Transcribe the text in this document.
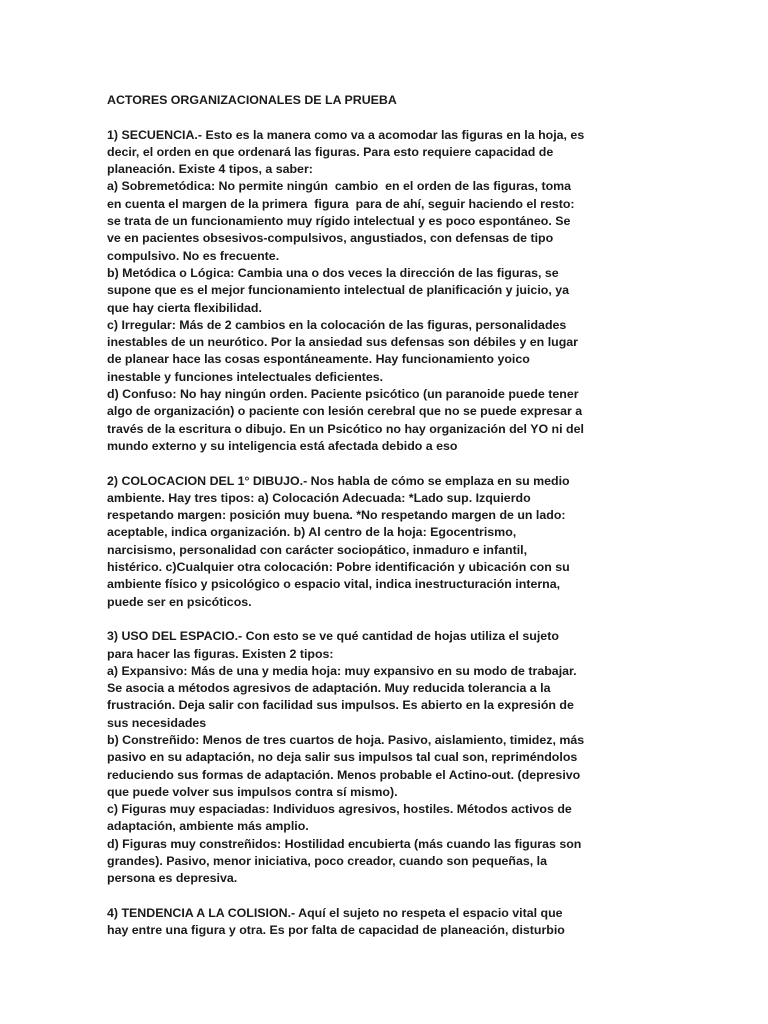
ACTORES ORGANIZACIONALES DE LA PRUEBA
1) SECUENCIA.- Esto es la manera como va a acomodar las figuras en la hoja, es
decir, el orden en que ordenará las figuras. Para esto requiere capacidad de
planeación. Existe 4 tipos, a saber:
a) Sobremetódica: No permite ningún  cambio  en el orden de las figuras, toma
en cuenta el margen de la primera  figura  para de ahí, seguir haciendo el resto:
se trata de un funcionamiento muy rígido intelectual y es poco espontáneo. Se
ve en pacientes obsesivos-compulsivos, angustiados, con defensas de tipo
compulsivo. No es frecuente.
b) Metódica o Lógica: Cambia una o dos veces la dirección de las figuras, se
supone que es el mejor funcionamiento intelectual de planificación y juicio, ya
que hay cierta flexibilidad.
c) Irregular: Más de 2 cambios en la colocación de las figuras, personalidades
inestables de un neurótico. Por la ansiedad sus defensas son débiles y en lugar
de planear hace las cosas espontáneamente. Hay funcionamiento yoico
inestable y funciones intelectuales deficientes.
d) Confuso: No hay ningún orden. Paciente psicótico (un paranoide puede tener
algo de organización) o paciente con lesión cerebral que no se puede expresar a
través de la escritura o dibujo. En un Psicótico no hay organización del YO ni del
mundo externo y su inteligencia está afectada debido a eso
2) COLOCACION DEL 1° DIBUJO.- Nos habla de cómo se emplaza en su medio
ambiente. Hay tres tipos: a) Colocación Adecuada: *Lado sup. Izquierdo
respetando margen: posición muy buena. *No respetando margen de un lado:
aceptable, indica organización. b) Al centro de la hoja: Egocentrismo,
narcisismo, personalidad con carácter sociopático, inmaduro e infantil,
histérico. c)Cualquier otra colocación: Pobre identificación y ubicación con su
ambiente físico y psicológico o espacio vital, indica inestructuración interna,
puede ser en psicóticos.
3) USO DEL ESPACIO.- Con esto se ve qué cantidad de hojas utiliza el sujeto
para hacer las figuras. Existen 2 tipos:
a) Expansivo: Más de una y media hoja: muy expansivo en su modo de trabajar.
Se asocia a métodos agresivos de adaptación. Muy reducida tolerancia a la
frustración. Deja salir con facilidad sus impulsos. Es abierto en la expresión de
sus necesidades
b) Constreñido: Menos de tres cuartos de hoja. Pasivo, aislamiento, timidez, más
pasivo en su adaptación, no deja salir sus impulsos tal cual son, repriméndolos
reduciendo sus formas de adaptación. Menos probable el Actino-out. (depresivo
que puede volver sus impulsos contra sí mismo).
c) Figuras muy espaciadas: Individuos agresivos, hostiles. Métodos activos de
adaptación, ambiente más amplio.
d) Figuras muy constreñidos: Hostilidad encubierta (más cuando las figuras son
grandes). Pasivo, menor iniciativa, poco creador, cuando son pequeñas, la
persona es depresiva.
4) TENDENCIA A LA COLISION.- Aquí el sujeto no respeta el espacio vital que
hay entre una figura y otra. Es por falta de capacidad de planeación, disturbio
